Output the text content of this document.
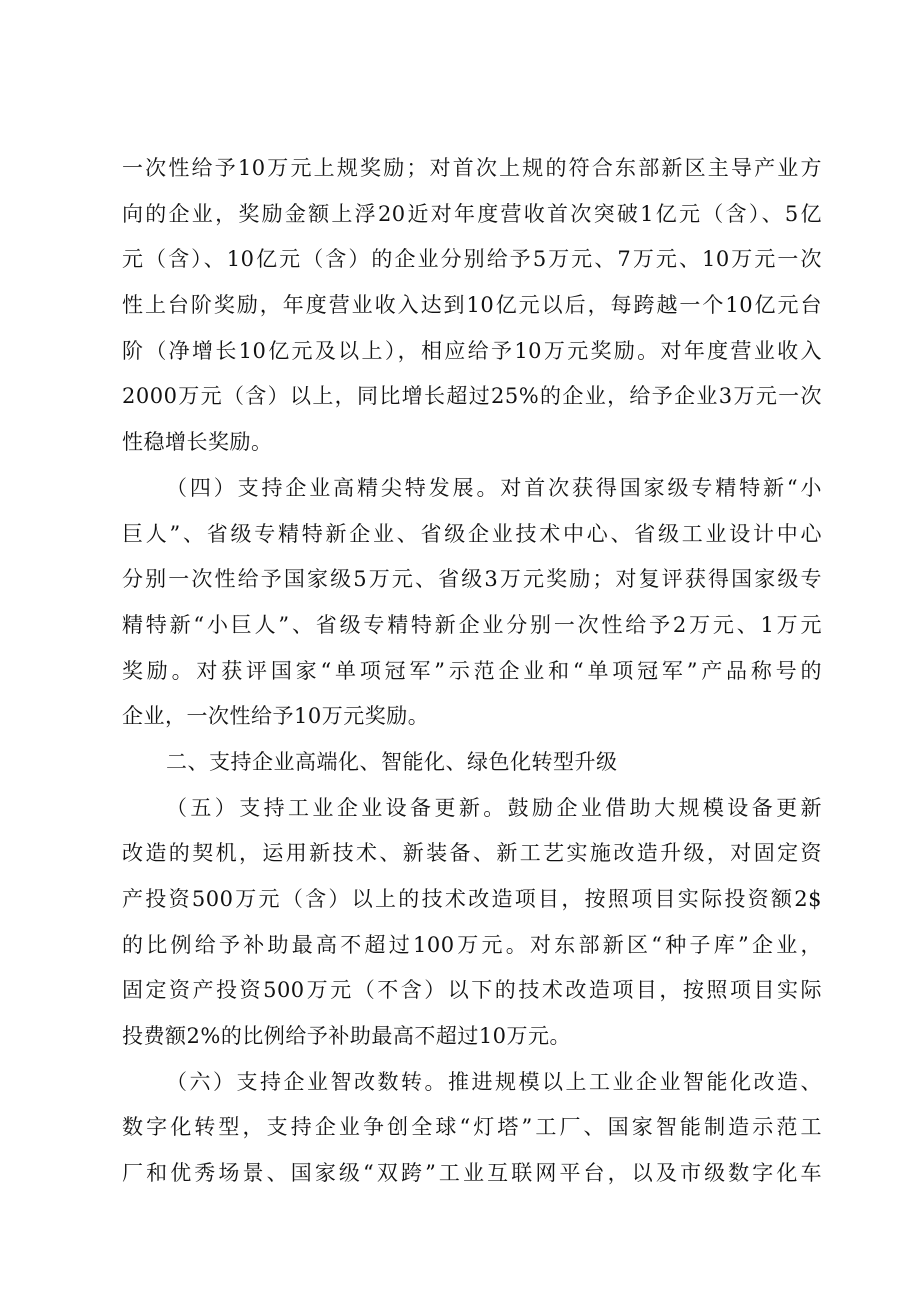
一次性给予10万元上规奖励；对首次上规的符合东部新区主导产业方
向的企业，奖励金额上浮20近对年度营收首次突破1亿元（含）、5亿
元（含）、10亿元（含）的企业分别给予5万元、7万元、10万元一次
性上台阶奖励，年度营业收入达到10亿元以后，每跨越一个10亿元台
阶（净增长10亿元及以上），相应给予10万元奖励。对年度营业收入
2000万元（含）以上，同比增长超过25%的企业，给予企业3万元一次
性稳增长奖励。
（四）支持企业高精尖特发展。对首次获得国家级专精特新“小
巨人”、省级专精特新企业、省级企业技术中心、省级工业设计中心
分别一次性给予国家级5万元、省级3万元奖励；对复评获得国家级专
精特新“小巨人”、省级专精特新企业分别一次性给予2万元、1万元
奖励。对获评国家“单项冠军”示范企业和“单项冠军”产品称号的
企业，一次性给予10万元奖励。
二、支持企业高端化、智能化、绿色化转型升级
（五）支持工业企业设备更新。鼓励企业借助大规模设备更新
改造的契机，运用新技术、新装备、新工艺实施改造升级，对固定资
产投资500万元（含）以上的技术改造项目，按照项目实际投资额2$
的比例给予补助最高不超过100万元。对东部新区“种子库”企业，
固定资产投资500万元（不含）以下的技术改造项目，按照项目实际
投费额2%的比例给予补助最高不超过10万元。
（六）支持企业智改数转。推进规模以上工业企业智能化改造、
数字化转型，支持企业争创全球“灯塔”工厂、国家智能制造示范工
厂和优秀场景、国家级“双跨”工业互联网平台，以及市级数字化车
